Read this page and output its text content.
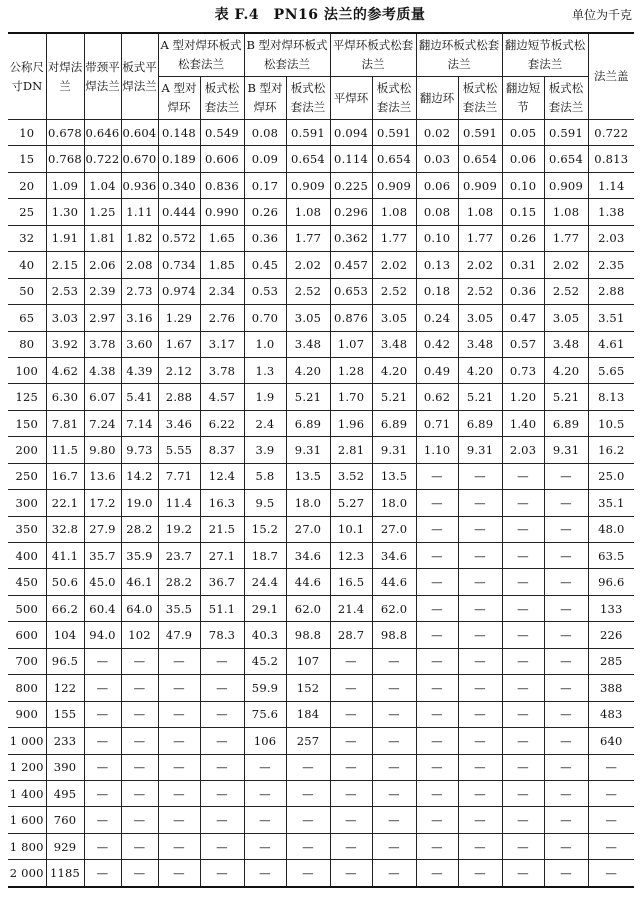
表 F.4　PN16 法兰的参考质量	单位为千克
公称尺寸DN	对焊法兰	带颈平焊法兰	板式平焊法兰	A 型对焊环板式松套法兰		B 型对焊环板式松套法兰		平焊环板式松套法兰		翻边环板式松套法兰		翻边短节板式松套法兰		法兰盖
				A 型对焊环	板式松套法兰	B 型对焊环	板式松套法兰	平焊环	板式松套法兰	翻边环	板式松套法兰	翻边短节	板式松套法兰	
10	0.678	0.646	0.604	0.148	0.549	0.08	0.591	0.094	0.591	0.02	0.591	0.05	0.591	0.722
15	0.768	0.722	0.670	0.189	0.606	0.09	0.654	0.114	0.654	0.03	0.654	0.06	0.654	0.813
20	1.09	1.04	0.936	0.340	0.836	0.17	0.909	0.225	0.909	0.06	0.909	0.10	0.909	1.14
25	1.30	1.25	1.11	0.444	0.990	0.26	1.08	0.296	1.08	0.08	1.08	0.15	1.08	1.38
32	1.91	1.81	1.82	0.572	1.65	0.36	1.77	0.362	1.77	0.10	1.77	0.26	1.77	2.03
40	2.15	2.06	2.08	0.734	1.85	0.45	2.02	0.457	2.02	0.13	2.02	0.31	2.02	2.35
50	2.53	2.39	2.73	0.974	2.34	0.53	2.52	0.653	2.52	0.18	2.52	0.36	2.52	2.88
65	3.03	2.97	3.16	1.29	2.76	0.70	3.05	0.876	3.05	0.24	3.05	0.47	3.05	3.51
80	3.92	3.78	3.60	1.67	3.17	1.0	3.48	1.07	3.48	0.42	3.48	0.57	3.48	4.61
100	4.62	4.38	4.39	2.12	3.78	1.3	4.20	1.28	4.20	0.49	4.20	0.73	4.20	5.65
125	6.30	6.07	5.41	2.88	4.57	1.9	5.21	1.70	5.21	0.62	5.21	1.20	5.21	8.13
150	7.81	7.24	7.14	3.46	6.22	2.4	6.89	1.96	6.89	0.71	6.89	1.40	6.89	10.5
200	11.5	9.80	9.73	5.55	8.37	3.9	9.31	2.81	9.31	1.10	9.31	2.03	9.31	16.2
250	16.7	13.6	14.2	7.71	12.4	5.8	13.5	3.52	13.5	—	—	—	—	25.0
300	22.1	17.2	19.0	11.4	16.3	9.5	18.0	5.27	18.0	—	—	—	—	35.1
350	32.8	27.9	28.2	19.2	21.5	15.2	27.0	10.1	27.0	—	—	—	—	48.0
400	41.1	35.7	35.9	23.7	27.1	18.7	34.6	12.3	34.6	—	—	—	—	63.5
450	50.6	45.0	46.1	28.2	36.7	24.4	44.6	16.5	44.6	—	—	—	—	96.6
500	66.2	60.4	64.0	35.5	51.1	29.1	62.0	21.4	62.0	—	—	—	—	133
600	104	94.0	102	47.9	78.3	40.3	98.8	28.7	98.8	—	—	—	—	226
700	96.5	—	—	—	—	45.2	107	—	—	—	—	—	—	285
800	122	—	—	—	—	59.9	152	—	—	—	—	—	—	388
900	155	—	—	—	—	75.6	184	—	—	—	—	—	—	483
1 000	233	—	—	—	—	106	257	—	—	—	—	—	—	640
1 200	390	—	—	—	—	—	—	—	—	—	—	—	—	—
1 400	495	—	—	—	—	—	—	—	—	—	—	—	—	—
1 600	760	—	—	—	—	—	—	—	—	—	—	—	—	—
1 800	929	—	—	—	—	—	—	—	—	—	—	—	—	—
2 000	1185	—	—	—	—	—	—	—	—	—	—	—	—	—
